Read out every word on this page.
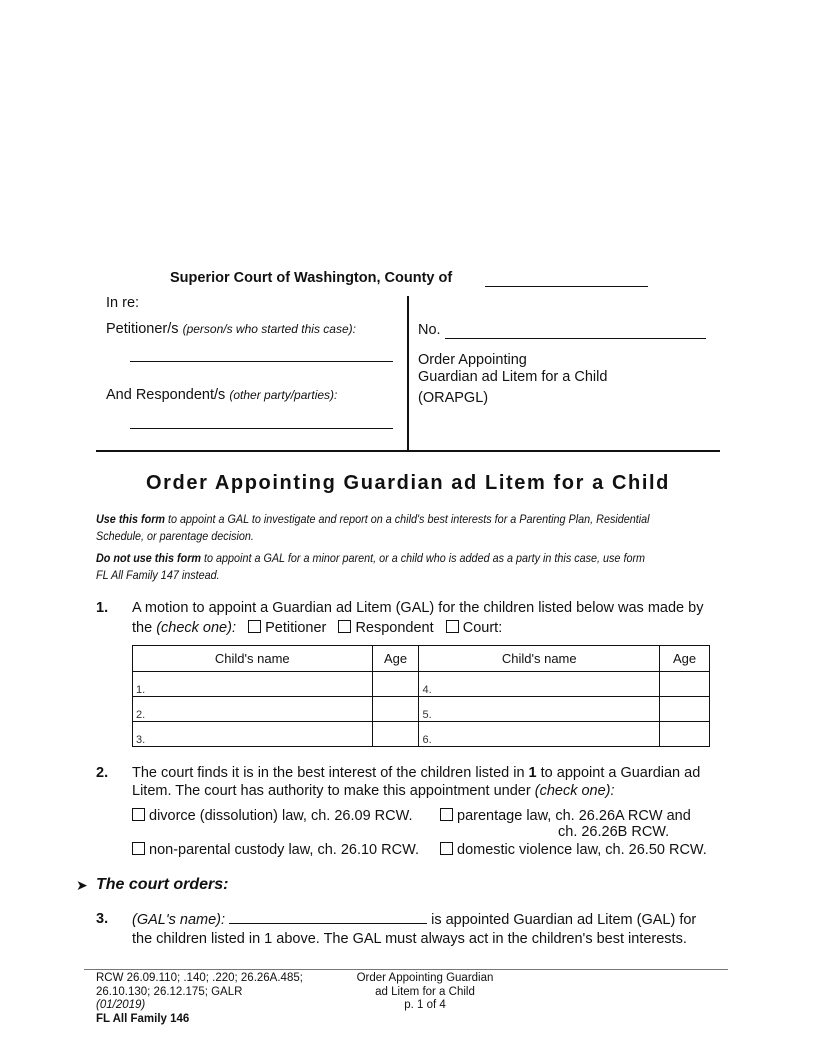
Superior Court of Washington, County of
In re:
Petitioner/s (person/s who started this case):
And Respondent/s (other party/parties):
No.
Order Appointing
Guardian ad Litem for a Child
(ORAPGL)
Order Appointing Guardian ad Litem for a Child
Use this form to appoint a GAL to investigate and report on a child's best interests for a Parenting Plan, Residential
Schedule, or parentage decision.
Do not use this form to appoint a GAL for a minor parent, or a child who is added as a party in this case, use form
FL All Family 147 instead.
1. A motion to appoint a Guardian ad Litem (GAL) for the children listed below was made by
the (check one): Petitioner Respondent Court:
Child's name	Age	Child's name	Age
1.		4.	
2.		5.	
3.		6.	
2. The court finds it is in the best interest of the children listed in 1 to appoint a Guardian ad
Litem. The court has authority to make this appointment under (check one):
divorce (dissolution) law, ch. 26.09 RCW.	parentage law, ch. 26.26A RCW and
ch. 26.26B RCW.
non-parental custody law, ch. 26.10 RCW.	domestic violence law, ch. 26.50 RCW.
➤ The court orders:
3. (GAL's name):	is appointed Guardian ad Litem (GAL) for
the children listed in 1 above. The GAL must always act in the children's best interests.
RCW 26.09.110; .140; .220; 26.26A.485;
26.10.130; 26.12.175; GALR
(01/2019)
FL All Family 146
Order Appointing Guardian
ad Litem for a Child
p. 1 of 4
